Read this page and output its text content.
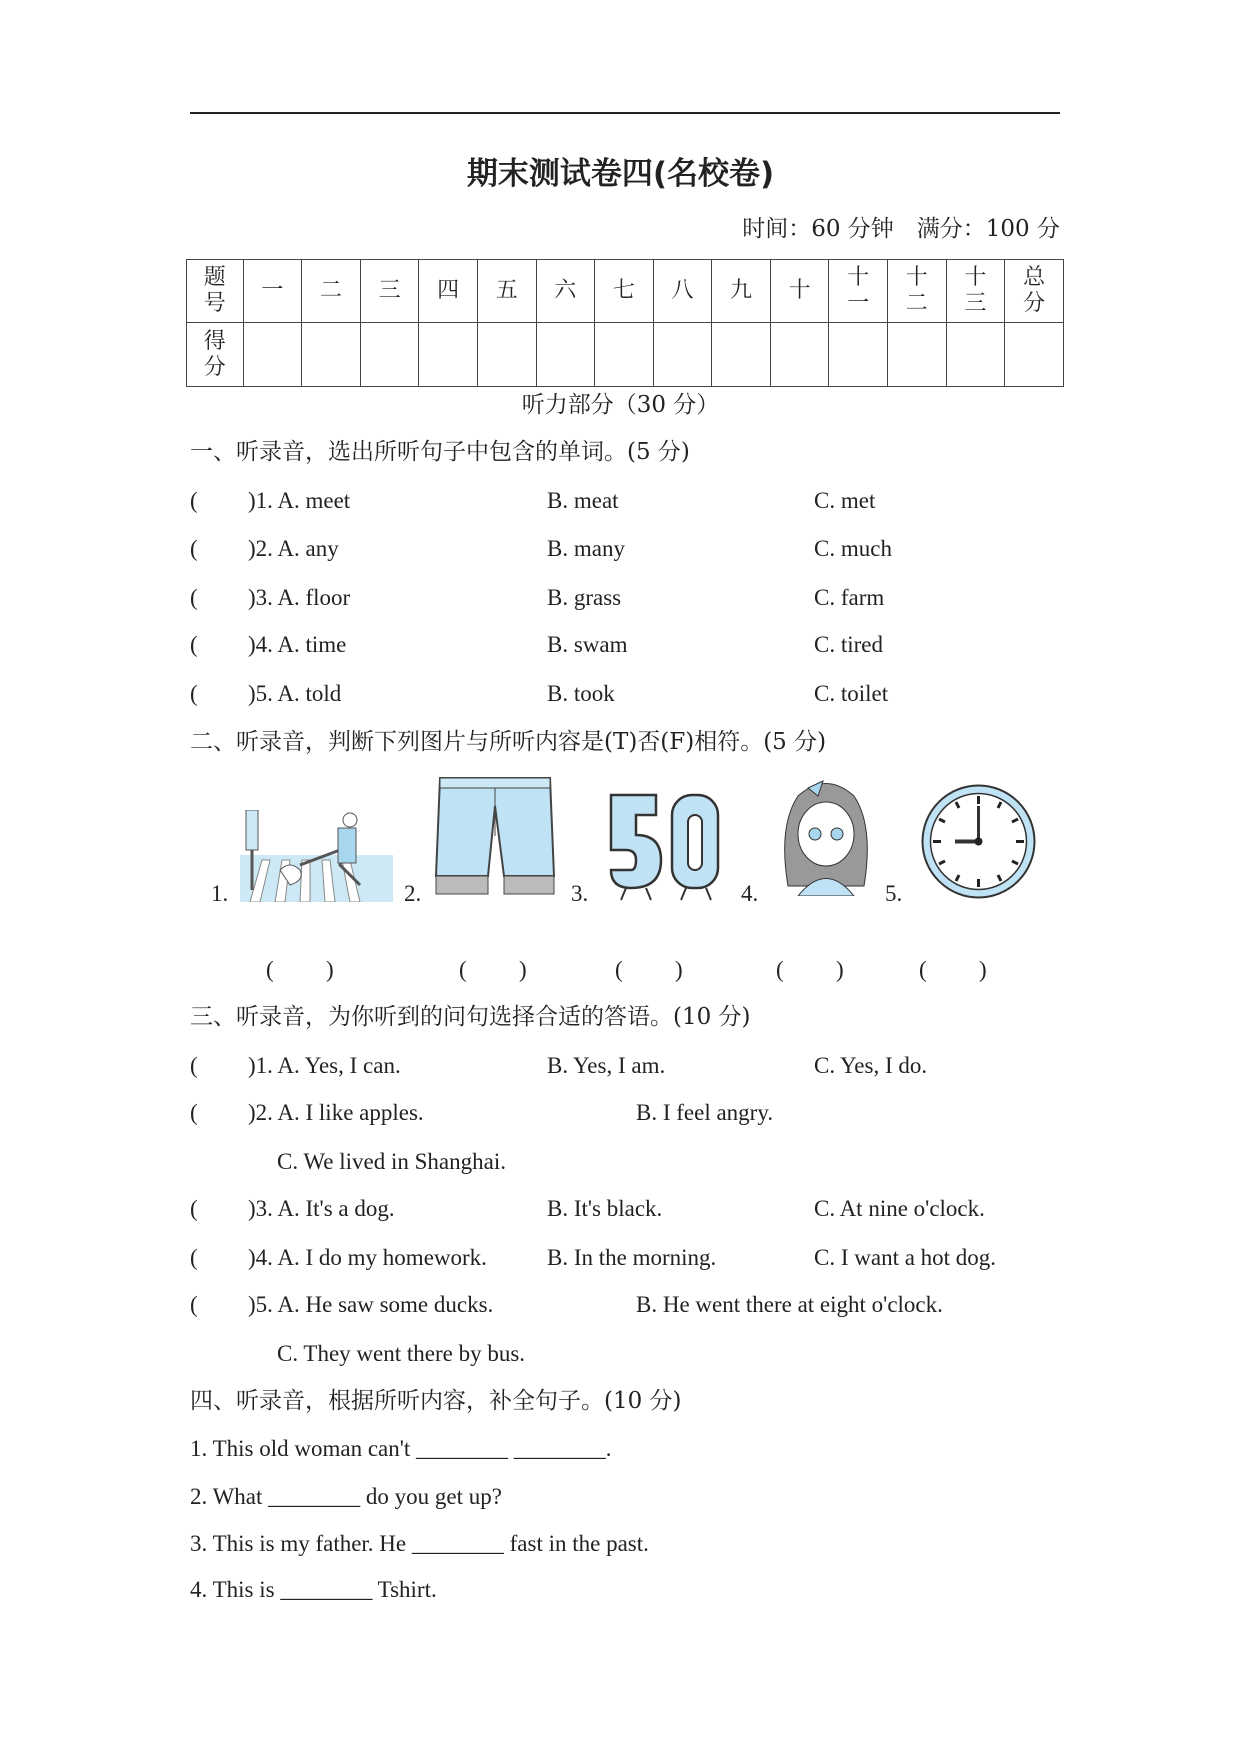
期末测试卷四(名校卷)
时间：60 分钟　满分：100 分
题号	一	二	三	四	五	六	七	八	九	十	十一	十二	十三	总分
得分														
听力部分（30 分）
一、听录音，选出所听句子中包含的单词。(5 分)
( )1. A. meet	B. meat	C. met
( )2. A. any	B. many	C. much
( )3. A. floor	B. grass	C. farm
( )4. A. time	B. swam	C. tired
( )5. A. told	B. took	C. toilet
二、听录音，判断下列图片与所听内容是(T)否(F)相符。(5 分)
1.	2.	3.	4.	5.
( )	( )	( )	( )	( )
三、听录音，为你听到的问句选择合适的答语。(10 分)
( )1. A. Yes, I can.	B. Yes, I am.	C. Yes, I do.
( )2. A. I like apples.	B. I feel angry.
C. We lived in Shanghai.
( )3. A. It's a dog.	B. It's black.	C. At nine o'clock.
( )4. A. I do my homework.	B. In the morning.	C. I want a hot dog.
( )5. A. He saw some ducks.	B. He went there at eight o'clock.
C. They went there by bus.
四、听录音，根据所听内容，补全句子。(10 分)
1. This old woman can't ________ ________.
2. What ________ do you get up?
3. This is my father. He ________ fast in the past.
4. This is ________ Tshirt.
